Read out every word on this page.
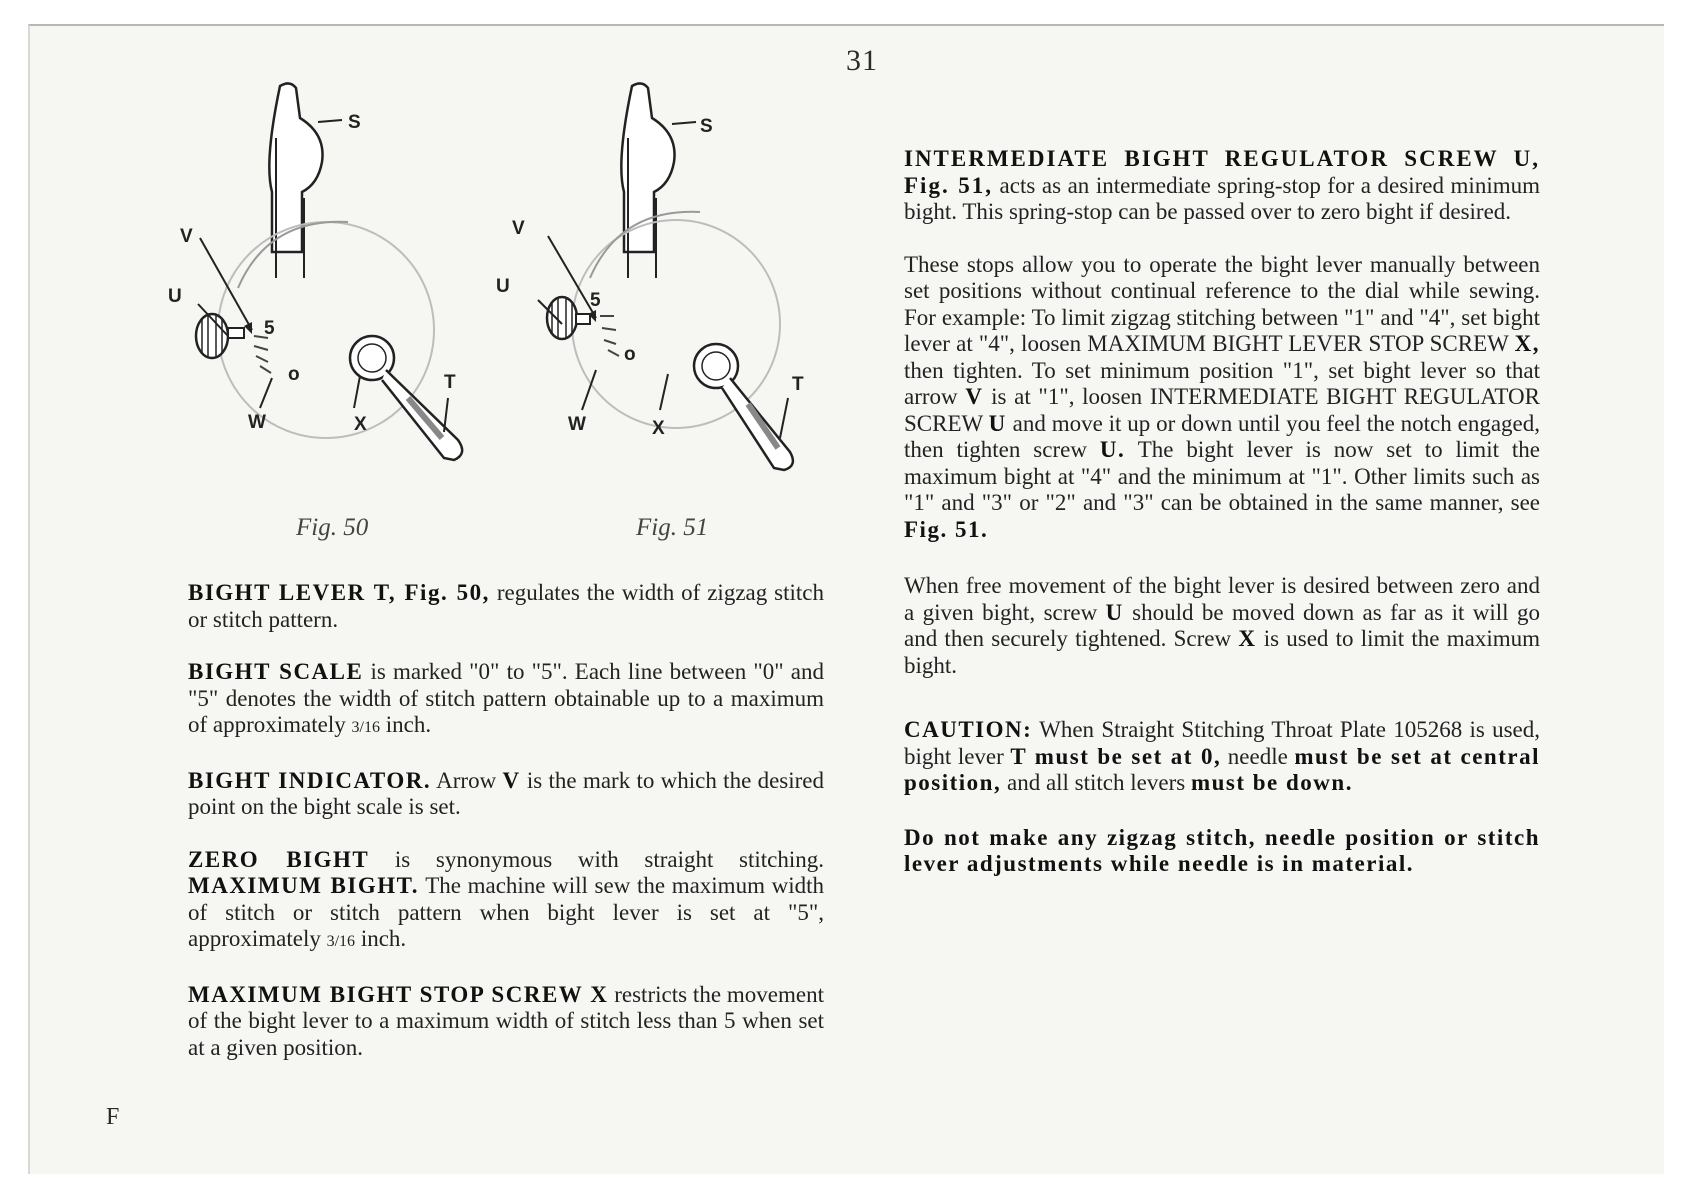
31
S
V
U
5
o
W	X
T
Fig. 50
S
V
U
5
o
W	X
T
Fig. 51

BIGHT LEVER T, Fig. 50, regulates the width of zigzag stitch or stitch pattern.

BIGHT SCALE is marked "0" to "5". Each line between "0" and "5" denotes the width of stitch pattern obtainable up to a maximum of approximately 3/16 inch.

BIGHT INDICATOR. Arrow V is the mark to which the desired point on the bight scale is set.

ZERO BIGHT is synonymous with straight stitching. MAXIMUM BIGHT. The machine will sew the maximum width of stitch or stitch pattern when bight lever is set at "5", approximately 3/16 inch.

MAXIMUM BIGHT STOP SCREW X restricts the movement of the bight lever to a maximum width of stitch less than 5 when set at a given position.

INTERMEDIATE BIGHT REGULATOR SCREW U, Fig. 51, acts as an intermediate spring-stop for a desired minimum bight. This spring-stop can be passed over to zero bight if desired.

These stops allow you to operate the bight lever manually between set positions without continual reference to the dial while sewing. For example: To limit zigzag stitching between "1" and "4", set bight lever at "4", loosen MAXIMUM BIGHT LEVER STOP SCREW X, then tighten. To set minimum position "1", set bight lever so that arrow V is at "1", loosen INTERMEDIATE BIGHT REGULATOR SCREW U and move it up or down until you feel the notch engaged, then tighten screw U. The bight lever is now set to limit the maximum bight at "4" and the minimum at "1". Other limits such as "1" and "3" or "2" and "3" can be obtained in the same manner, see Fig. 51.

When free movement of the bight lever is desired between zero and a given bight, screw U should be moved down as far as it will go and then securely tightened. Screw X is used to limit the maximum bight.

CAUTION: When Straight Stitching Throat Plate 105268 is used, bight lever T must be set at 0, needle must be set at central position, and all stitch levers must be down.

Do not make any zigzag stitch, needle position or stitch lever adjustments while needle is in material.

F
